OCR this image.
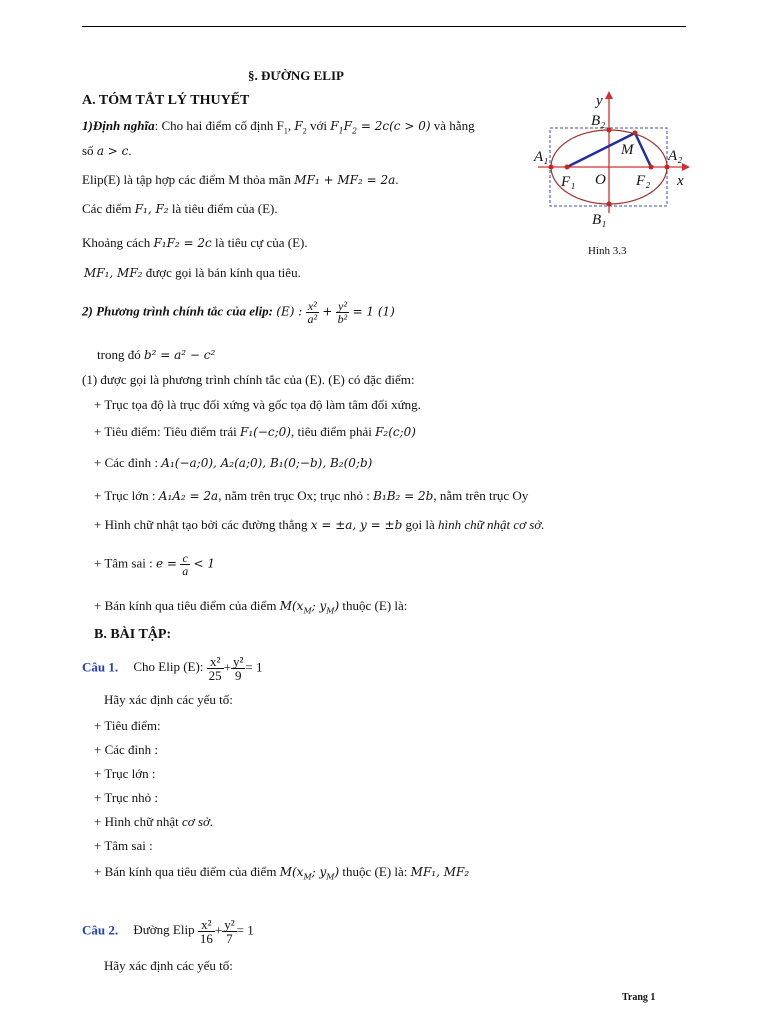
§. ĐƯỜNG ELIP
A. TÓM TẮT LÝ THUYẾT
1)Định nghĩa: Cho hai điểm cố định $F_1$, $F_2$ với $F_1F_2 = 2c(c > 0)$ và hằng
số a > c.
Elip(E) là tập hợp các điểm M thỏa mãn MF₁ + MF₂ = 2a.
Các điểm F₁, F₂ là tiêu điểm của (E).
Khoảng cách F₁F₂ = 2c là tiêu cự của (E).
MF₁, MF₂ được gọi là bán kính qua tiêu.
2) Phương trình chính tắc của elip: (E) : $\frac{\text{x²}}{\text{a²}} + \frac{\text{y²}}{\text{b²}} = 1$ (1)
trong đó b² = a² − c²
(1) được gọi là phương trình chính tắc của (E). (E) có đặc điểm:
+ Trục tọa độ là trục đối xứng và gốc tọa độ làm tâm đối xứng.
+ Tiêu điểm: Tiêu điểm trái F₁(−c;0), tiêu điểm phải F₂(c;0)
+ Các đỉnh : A₁(−a;0), A₂(a;0), B₁(0;−b), B₂(0;b)
+ Trục lớn : A₁A₂ = 2a, nằm trên trục Ox; trục nhỏ : B₁B₂ = 2b, nằm trên trục Oy
+ Hình chữ nhật tạo bởi các đường thẳng x = ±a, y = ±b gọi là hình chữ nhật cơ sở.
+ Tâm sai : $e = \frac{c}{a} < 1$
+ Bán kính qua tiêu điểm của điểm $M(x_M$; $y_M$) thuộc (E) là:
B. BÀI TẬP:
Câu 1. Cho Elip (E): $\frac{\text{x²}}{25} + \frac{\text{y²}}{9} = 1$
Hãy xác định các yếu tố:
+ Tiêu điểm:
+ Các đỉnh :
+ Trục lớn :
+ Trục nhỏ :
+ Hình chữ nhật cơ sở.
+ Tâm sai :
+ Bán kính qua tiêu điểm của điểm $M(x_M$; $y_M$) thuộc (E) là: MF₁, MF₂
Câu 2. Đường Elip $\frac{\text{x²}}{16} + \frac{\text{y²}}{7} = 1$
Hãy xác định các yếu tố:
y
x
B₂
B₁
A₁	A₂
F₁	F₂
O
M
Hình 3.3
Trang 1
